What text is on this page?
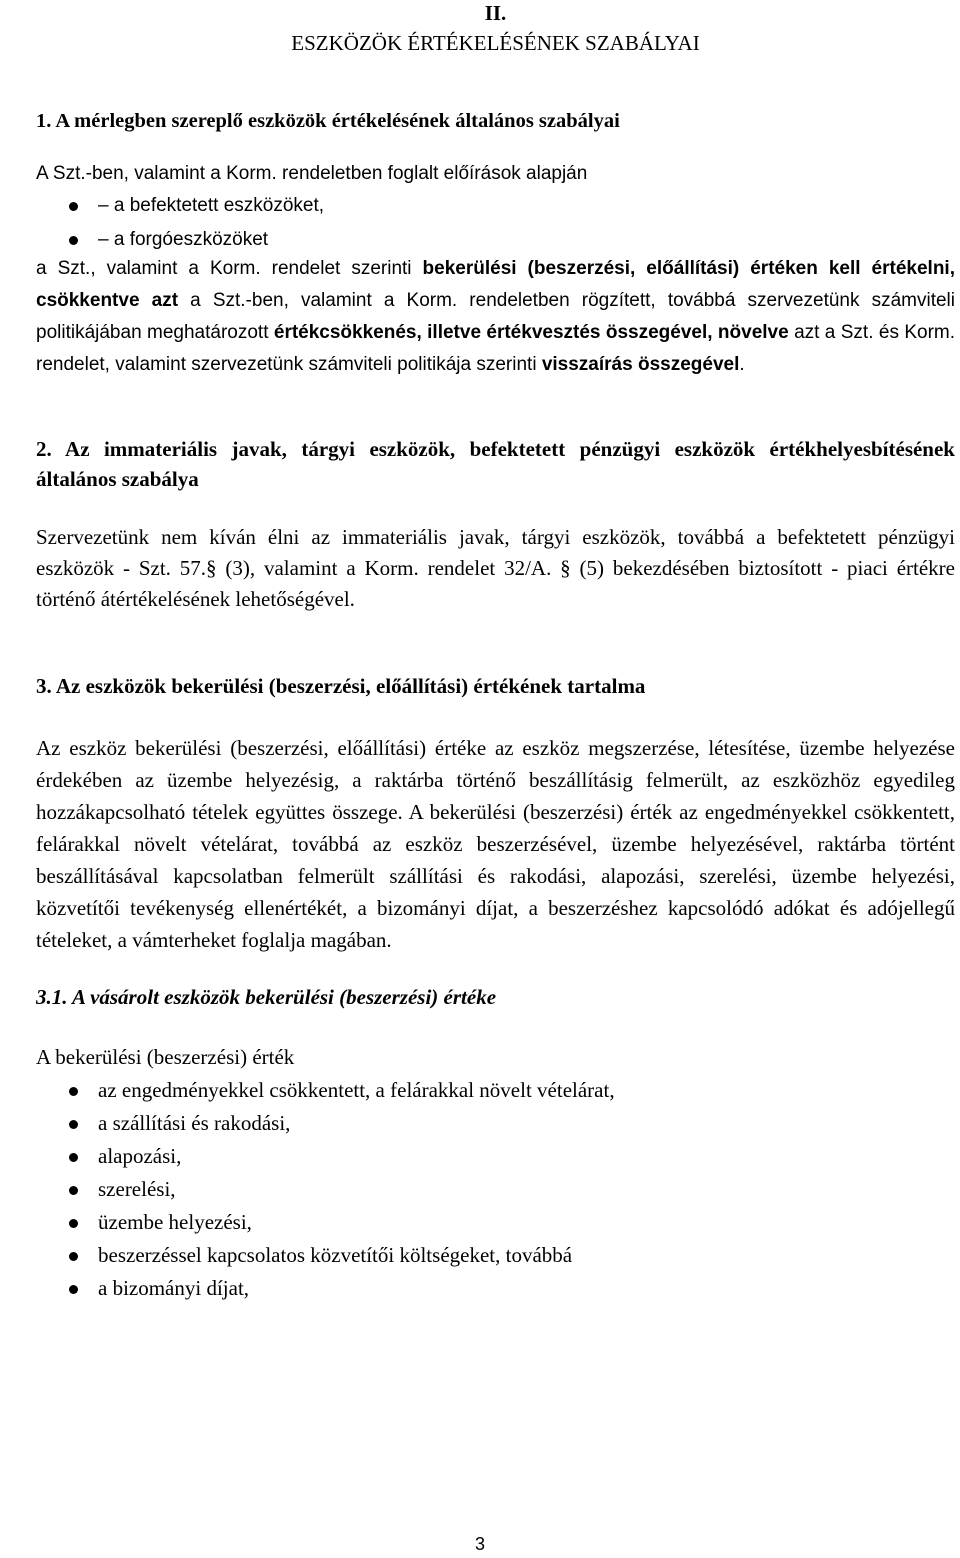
II.

ESZKÖZÖK ÉRTÉKELÉSÉNEK SZABÁLYAI

1. A mérlegben szereplő eszközök értékelésének általános szabályai

A Szt.-ben, valamint a Korm. rendeletben foglalt előírások alapján

– a befektetett eszközöket,
– a forgóeszközöket

a Szt., valamint a Korm. rendelet szerinti bekerülési (beszerzési, előállítási) értéken kell értékelni, csökkentve azt a Szt.-ben, valamint a Korm. rendeletben rögzített, továbbá szervezetünk számviteli politikájában meghatározott értékcsökkenés, illetve értékvesztés összegével, növelve azt a Szt. és Korm. rendelet, valamint szervezetünk számviteli politikája szerinti visszaírás összegével.

2. Az immateriális javak, tárgyi eszközök, befektetett pénzügyi eszközök értékhelyesbítésének általános szabálya

Szervezetünk nem kíván élni az immateriális javak, tárgyi eszközök, továbbá a befektetett pénzügyi eszközök - Szt. 57.§ (3), valamint a Korm. rendelet 32/A. § (5) bekezdésében biztosított - piaci értékre történő átértékelésének lehetőségével.

3. Az eszközök bekerülési (beszerzési, előállítási) értékének tartalma

Az eszköz bekerülési (beszerzési, előállítási) értéke az eszköz megszerzése, létesítése, üzembe helyezése érdekében az üzembe helyezésig, a raktárba történő beszállításig felmerült, az eszközhöz egyedileg hozzákapcsolható tételek együttes összege. A bekerülési (beszerzési) érték az engedményekkel csökkentett, felárakkal növelt vételárat, továbbá az eszköz beszerzésével, üzembe helyezésével, raktárba történt beszállításával kapcsolatban felmerült szállítási és rakodási, alapozási, szerelési, üzembe helyezési, közvetítői tevékenység ellenértékét, a bizományi díjat, a beszerzéshez kapcsolódó adókat és adójellegű tételeket, a vámterheket foglalja magában.

3.1. A vásárolt eszközök bekerülési (beszerzési) értéke

A bekerülési (beszerzési) érték

az engedményekkel csökkentett, a felárakkal növelt vételárat,
a szállítási és rakodási,
alapozási,
szerelési,
üzembe helyezési,
beszerzéssel kapcsolatos közvetítői költségeket, továbbá
a bizományi díjat,
3
